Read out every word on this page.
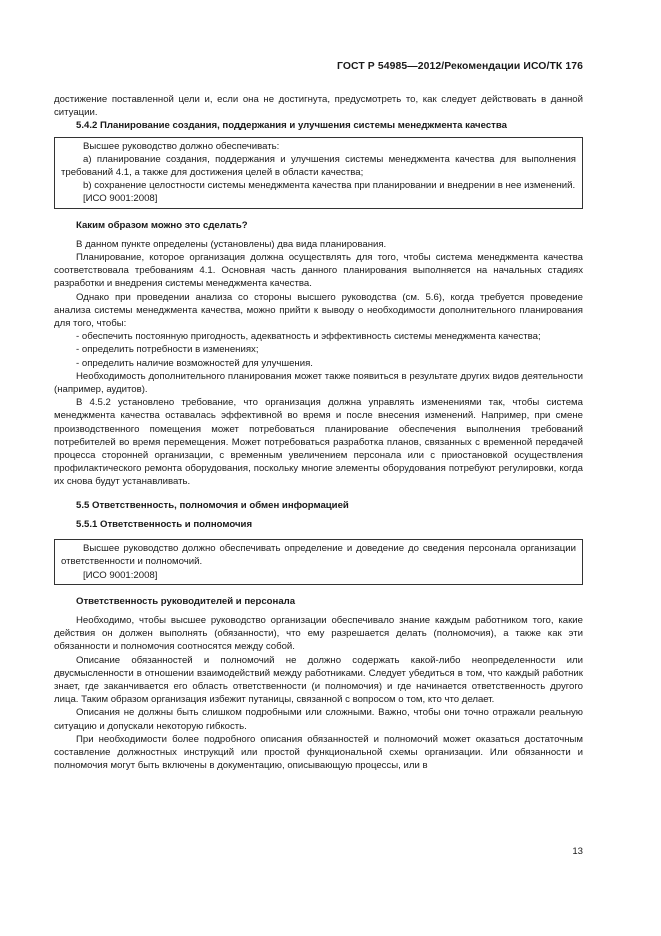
ГОСТ Р 54985—2012/Рекомендации ИСО/ТК 176

достижение поставленной цели и, если она не достигнута, предусмотреть то, как следует действовать в данной ситуации.

5.4.2 Планирование создания, поддержания и улучшения системы менеджмента качества

Высшее руководство должно обеспечивать:

а) планирование создания, поддержания и улучшения системы менеджмента качества для выполнения требований 4.1, а также для достижения целей в области качества;

b) сохранение целостности системы менеджмента качества при планировании и внедрении в нее изменений.

[ИСО 9001:2008]

Каким образом можно это сделать?

В данном пункте определены (установлены) два вида планирования.

Планирование, которое организация должна осуществлять для того, чтобы система менеджмента качества соответствовала требованиям 4.1. Основная часть данного планирования выполняется на начальных стадиях разработки и внедрения системы менеджмента качества.

Однако при проведении анализа со стороны высшего руководства (см. 5.6), когда требуется проведение анализа системы менеджмента качества, можно прийти к выводу о необходимости дополнительного планирования для того, чтобы:

- обеспечить постоянную пригодность, адекватность и эффективность системы менеджмента качества;

- определить потребности в изменениях;

- определить наличие возможностей для улучшения.

Необходимость дополнительного планирования может также появиться в результате других видов деятельности (например, аудитов).

В 4.5.2 установлено требование, что организация должна управлять изменениями так, чтобы система менеджмента качества оставалась эффективной во время и после внесения изменений. Например, при смене производственного помещения может потребоваться планирование обеспечения выполнения требований потребителей во время перемещения. Может потребоваться разработка планов, связанных с временной передачей процесса сторонней организации, с временным увеличением персонала или с приостановкой осуществления профилактического ремонта оборудования, поскольку многие элементы оборудования потребуют регулировки, когда их снова будут устанавливать.

5.5 Ответственность, полномочия и обмен информацией

5.5.1 Ответственность и полномочия

Высшее руководство должно обеспечивать определение и доведение до сведения персонала организации ответственности и полномочий.

[ИСО 9001:2008]

Ответственность руководителей и персонала

Необходимо, чтобы высшее руководство организации обеспечивало знание каждым работником того, какие действия он должен выполнять (обязанности), что ему разрешается делать (полномочия), а также как эти обязанности и полномочия соотносятся между собой.

Описание обязанностей и полномочий не должно содержать какой-либо неопределенности или двусмысленности в отношении взаимодействий между работниками. Следует убедиться в том, что каждый работник знает, где заканчивается его область ответственности (и полномочия) и где начинается ответственность другого лица. Таким образом организация избежит путаницы, связанной с вопросом о том, кто что делает.

Описания не должны быть слишком подробными или сложными. Важно, чтобы они точно отражали реальную ситуацию и допускали некоторую гибкость.

При необходимости более подробного описания обязанностей и полномочий может оказаться достаточным составление должностных инструкций или простой функциональной схемы организации. Или обязанности и полномочия могут быть включены в документацию, описывающую процессы, или в

13
